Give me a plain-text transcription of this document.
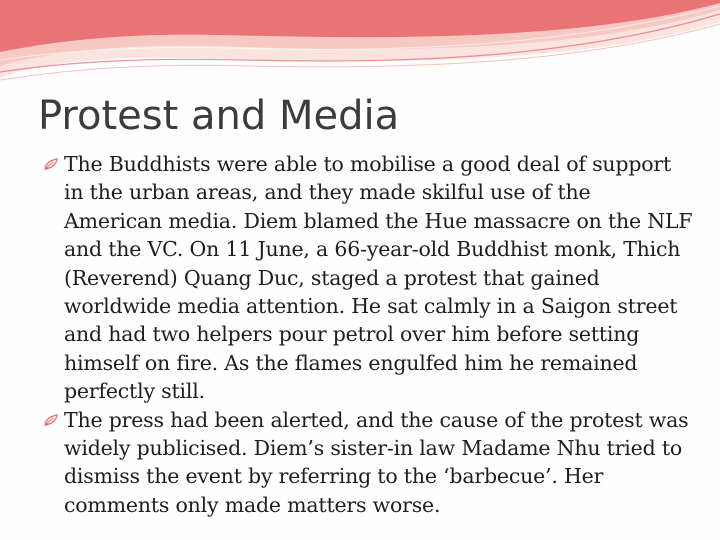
Protest and Media
The Buddhists were able to mobilise a good deal of support in the urban areas, and they made skilful use of the American media. Diem blamed the Hue massacre on the NLF and the VC. On 11 June, a 66-year-old Buddhist monk, Thich (Reverend) Quang Duc, staged a protest that gained worldwide media attention. He sat calmly in a Saigon street and had two helpers pour petrol over him before setting himself on fire. As the flames engulfed him he remained perfectly still.
The press had been alerted, and the cause of the protest was widely publicised. Diem’s sister-in law Madame Nhu tried to dismiss the event by referring to the ‘barbecue’. Her comments only made matters worse.
